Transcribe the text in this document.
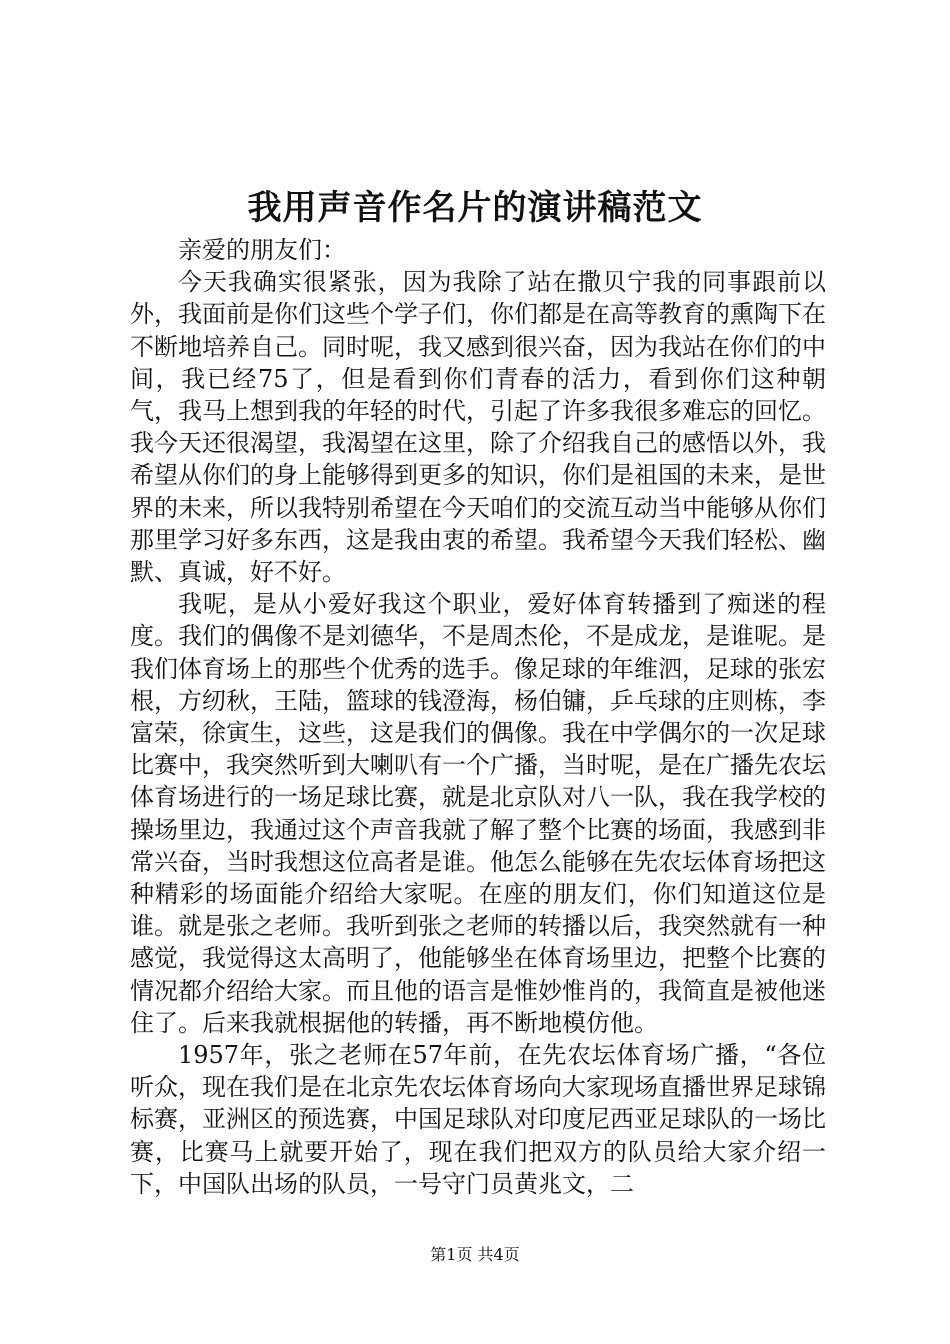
我用声音作名片的演讲稿范文

亲爱的朋友们：

今天我确实很紧张，因为我除了站在撒贝宁我的同事跟前以外，我面前是你们这些个学子们，你们都是在高等教育的熏陶下在不断地培养自己。同时呢，我又感到很兴奋，因为我站在你们的中间，我已经75了，但是看到你们青春的活力，看到你们这种朝气，我马上想到我的年轻的时代，引起了许多我很多难忘的回忆。我今天还很渴望，我渴望在这里，除了介绍我自己的感悟以外，我希望从你们的身上能够得到更多的知识，你们是祖国的未来，是世界的未来，所以我特别希望在今天咱们的交流互动当中能够从你们那里学习好多东西，这是我由衷的希望。我希望今天我们轻松、幽默、真诚，好不好。

我呢，是从小爱好我这个职业，爱好体育转播到了痴迷的程度。我们的偶像不是刘德华，不是周杰伦，不是成龙，是谁呢。是我们体育场上的那些个优秀的选手。像足球的年维泗，足球的张宏根，方纫秋，王陆，篮球的钱澄海，杨伯镛，乒乓球的庄则栋，李富荣，徐寅生，这些，这是我们的偶像。我在中学偶尔的一次足球比赛中，我突然听到大喇叭有一个广播，当时呢，是在广播先农坛体育场进行的一场足球比赛，就是北京队对八一队，我在我学校的操场里边，我通过这个声音我就了解了整个比赛的场面，我感到非常兴奋，当时我想这位高者是谁。他怎么能够在先农坛体育场把这种精彩的场面能介绍给大家呢。在座的朋友们，你们知道这位是谁。就是张之老师。我听到张之老师的转播以后，我突然就有一种感觉，我觉得这太高明了，他能够坐在体育场里边，把整个比赛的情况都介绍给大家。而且他的语言是惟妙惟肖的，我简直是被他迷住了。后来我就根据他的转播，再不断地模仿他。

1957年，张之老师在57年前，在先农坛体育场广播，“各位听众，现在我们是在北京先农坛体育场向大家现场直播世界足球锦标赛，亚洲区的预选赛，中国足球队对印度尼西亚足球队的一场比赛，比赛马上就要开始了，现在我们把双方的队员给大家介绍一下，中国队出场的队员，一号守门员黄兆文，二

第1页 共4页
